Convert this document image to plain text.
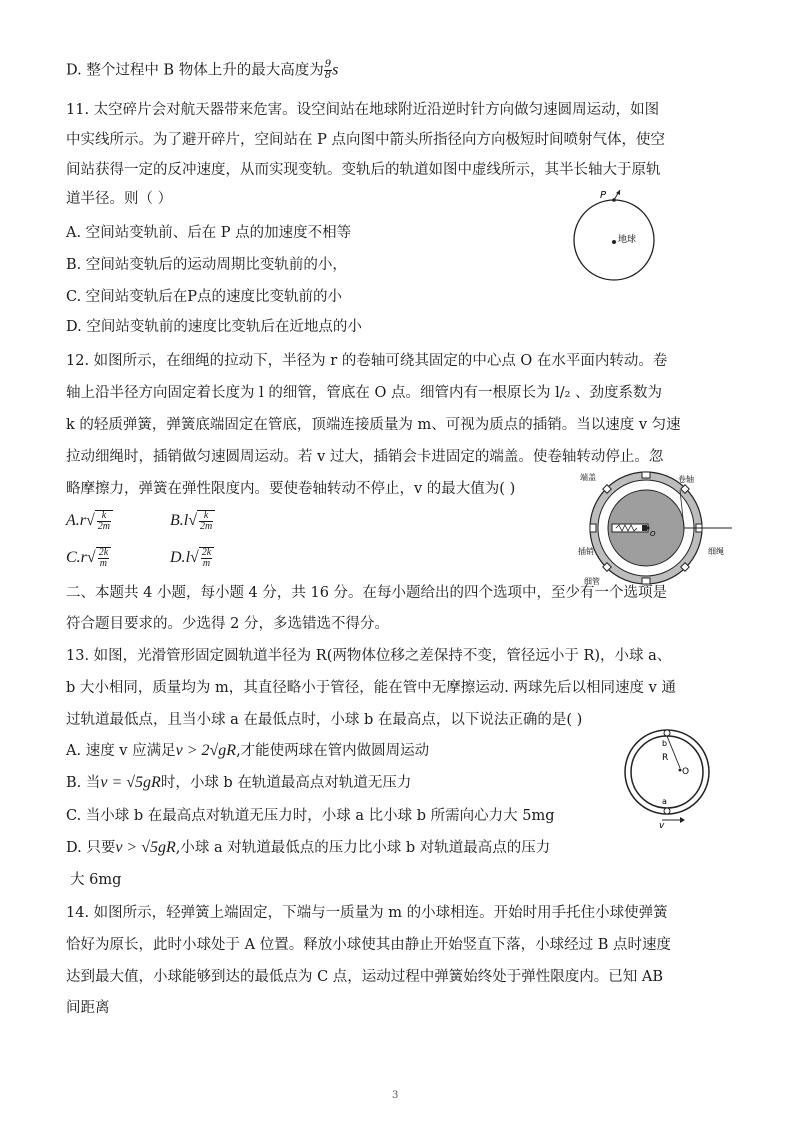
D. 整个过程中 B 物体上升的最大高度为 $\frac{9}{8}$ s
11. 太空碎片会对航天器带来危害。设空间站在地球附近沿逆时针方向做匀速圆周运动，如图
中实线所示。为了避开碎片，空间站在 P 点向图中箭头所指径向方向极短时间喷射气体，使空
间站获得一定的反冲速度，从而实现变轨。变轨后的轨道如图中虚线所示，其半长轴大于原轨
道半径。则（ ）
A. 空间站变轨前、后在 P 点的加速度不相等
B. 空间站变轨后的运动周期比变轨前的小，
C. 空间站变轨后在P点的速度比变轨前的小
D. 空间站变轨前的速度比变轨后在近地点的小
P
地球
12. 如图所示，在细绳的拉动下，半径为 r 的卷轴可绕其固定的中心点 O 在水平面内转动。卷
轴上沿半径方向固定着长度为 l 的细管，管底在 O 点。细管内有一根原长为 l/₂ 、劲度系数为
k 的轻质弹簧，弹簧底端固定在管底，顶端连接质量为 m、可视为质点的插销。当以速度 v 匀速
拉动细绳时，插销做匀速圆周运动。若 v 过大，插销会卡进固定的端盖。使卷轴转动停止。忽
略摩擦力，弹簧在弹性限度内。要使卷轴转动不停止，v 的最大值为( )
$A.r√ \frac{k}{2m}$	$B.l√ \frac{k}{2m}$
$C.r√ \frac{2k}{m}$	$D.l√ \frac{2k}{m}$
端盖	卷轴
插销
细管
细绳
O
二、本题共 4 小题，每小题 4 分，共 16 分。在每小题给出的四个选项中，至少有一个选项是
符合题目要求的。少选得 2 分，多选错选不得分。
13. 如图，光滑管形固定圆轨道半径为 R(两物体位移之差保持不变，管径远小于 R)，小球 a、
b 大小相同，质量均为 m，其直径略小于管径，能在管中无摩擦运动. 两球先后以相同速度 v 通
过轨道最低点，且当小球 a 在最低点时，小球 b 在最高点，以下说法正确的是( )
A. 速度 v 应满足v > 2√gR,才能使两球在管内做圆周运动
B. 当v = √5gR时，小球 b 在轨道最高点对轨道无压力
C. 当小球 b 在最高点对轨道无压力时，小球 a 比小球 b 所需向心力大 5mg
D. 只要v > √5gR,小球 a 对轨道最低点的压力比小球 b 对轨道最高点的压力
大 6mg
b
a
R
O
v
14. 如图所示，轻弹簧上端固定，下端与一质量为 m 的小球相连。开始时用手托住小球使弹簧
恰好为原长，此时小球处于 A 位置。释放小球使其由静止开始竖直下落，小球经过 B 点时速度
达到最大值，小球能够到达的最低点为 C 点，运动过程中弹簧始终处于弹性限度内。已知 AB
间距离
3
